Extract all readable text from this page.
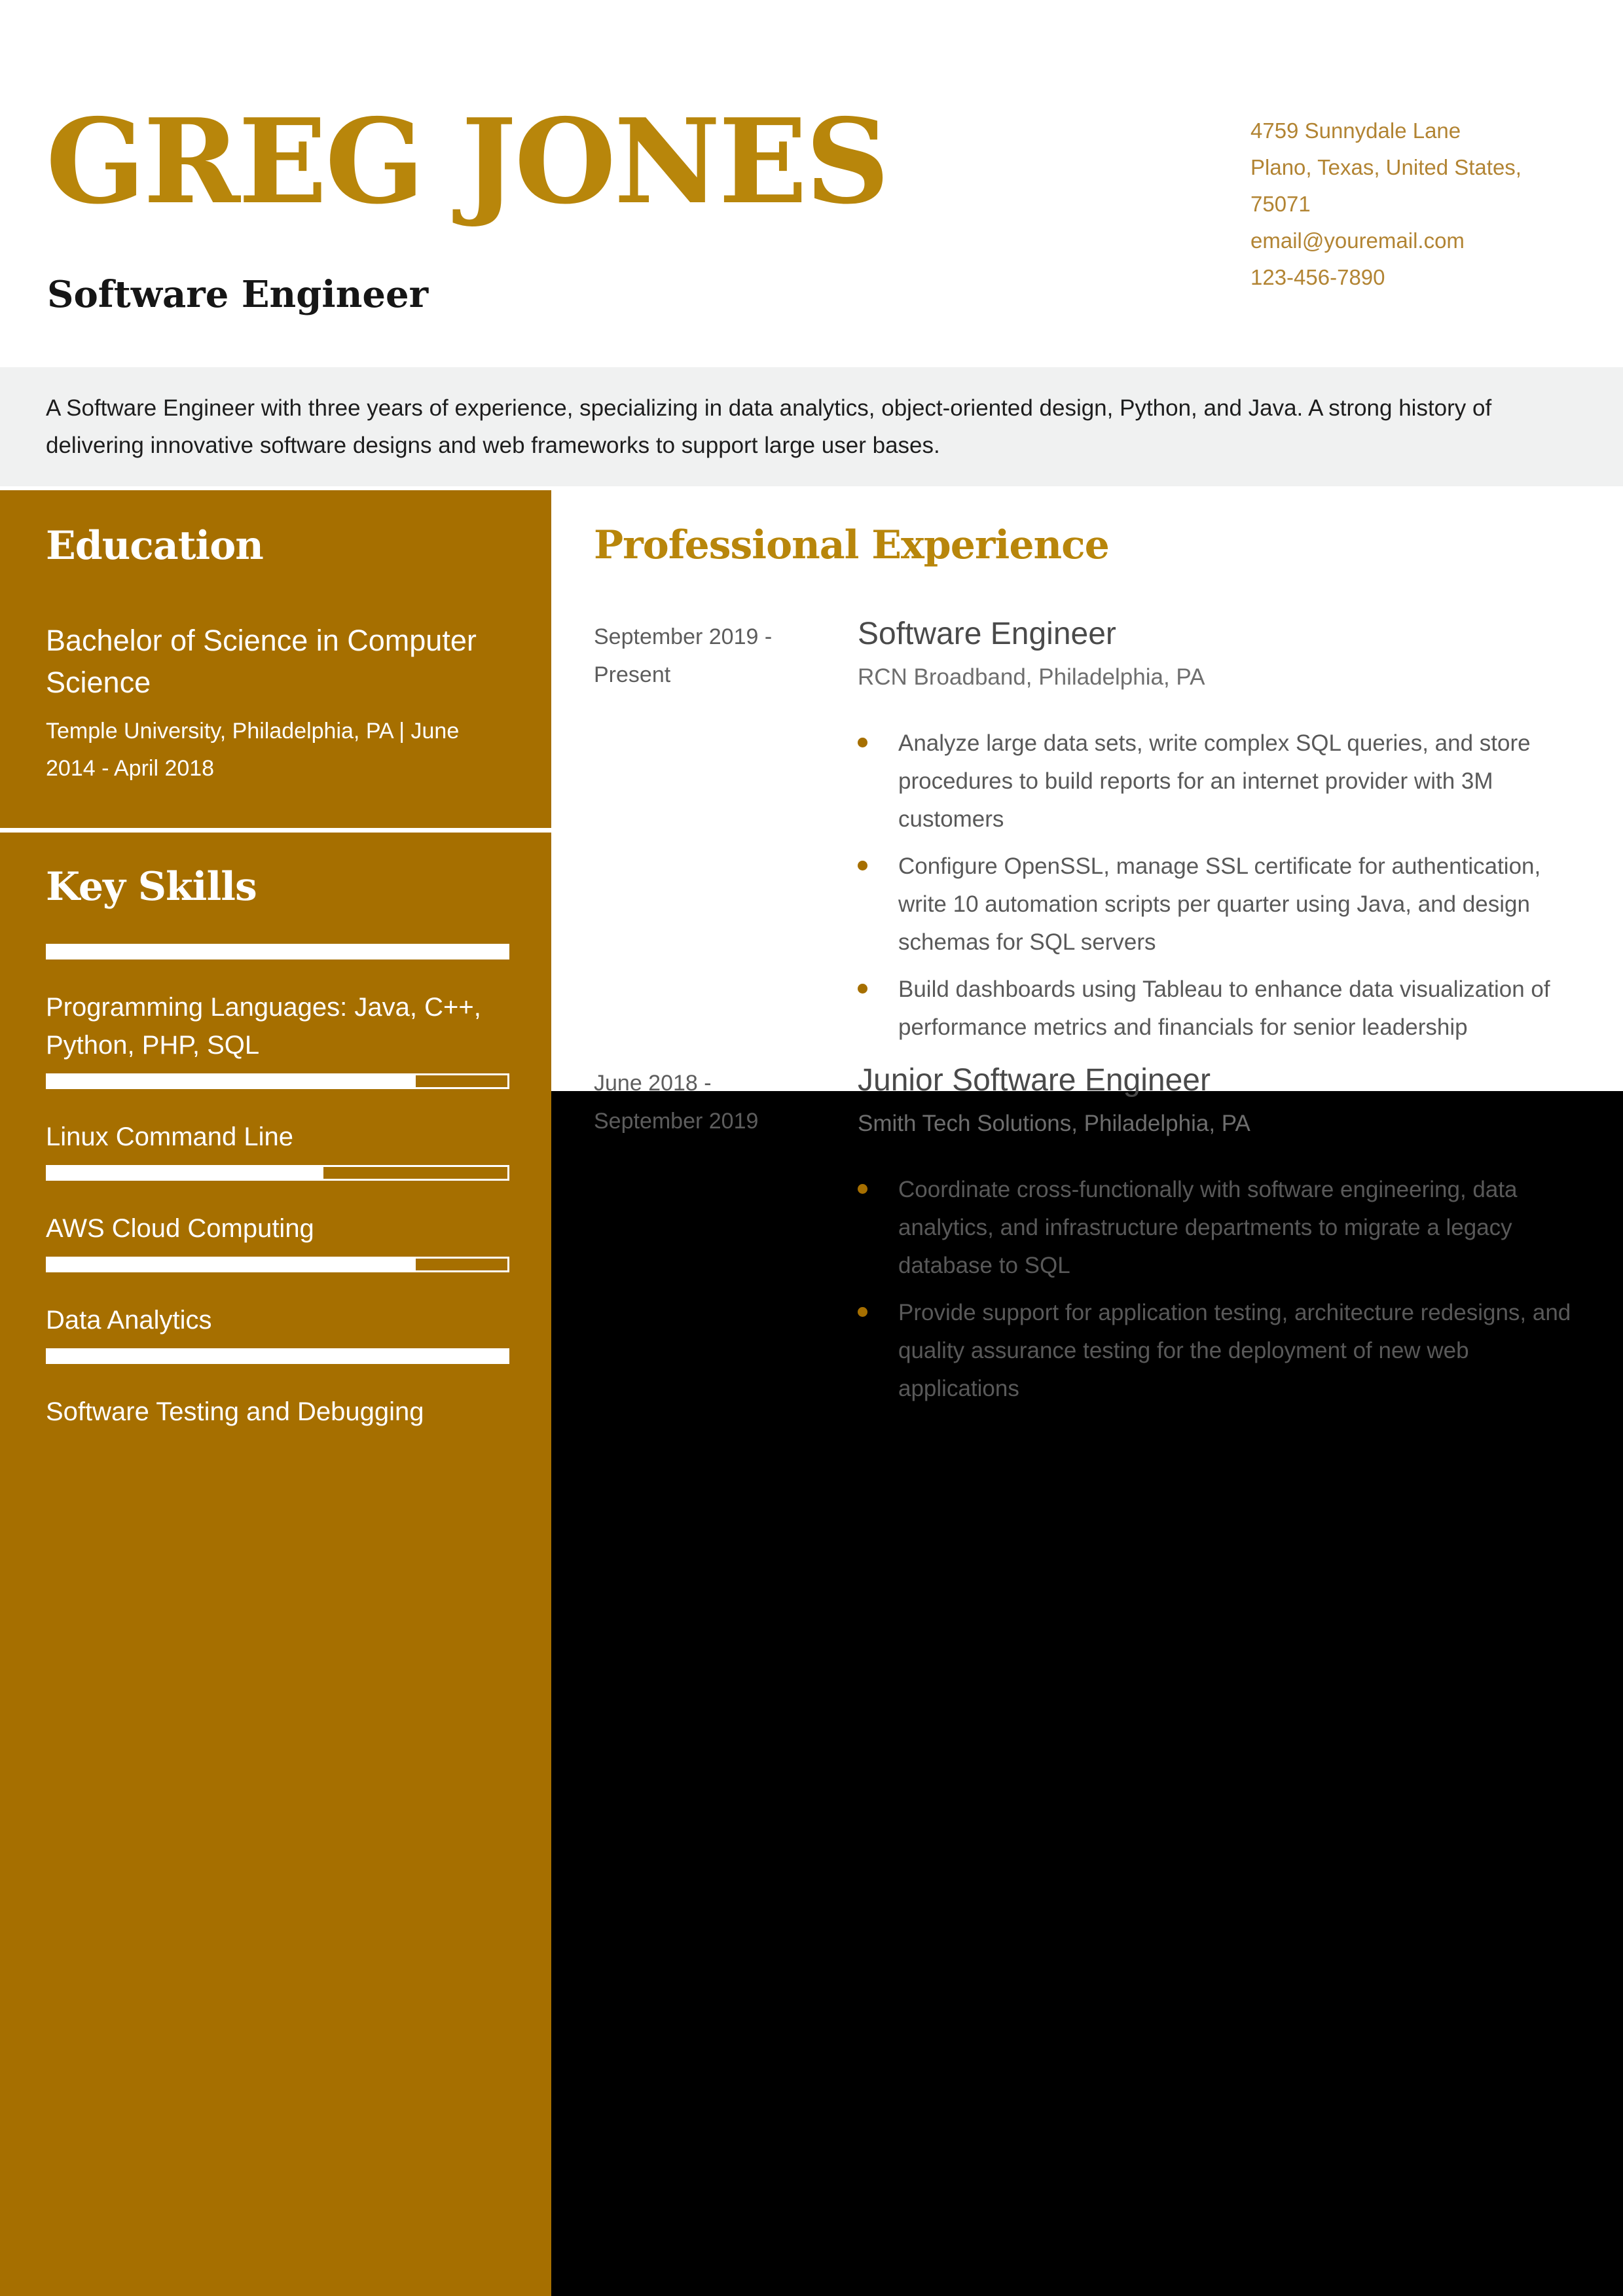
GREG JONES
Software Engineer
4759 Sunnydale Lane
Plano, Texas, United States,
75071
email@youremail.com
123-456-7890

A Software Engineer with three years of experience, specializing in data analytics, object-oriented design, Python, and Java. A strong history of delivering innovative software designs and web frameworks to support large user bases.

Education
Bachelor of Science in Computer Science
Temple University, Philadelphia, PA | June 2014 - April 2018
Key Skills
Programming Languages: Java, C++, Python, PHP, SQL
Linux Command Line
AWS Cloud Computing
Data Analytics
Software Testing and Debugging
Professional Experience
September 2019 - Present
Software Engineer
RCN Broadband, Philadelphia, PA
Analyze large data sets, write complex SQL queries, and store procedures to build reports for an internet provider with 3M customers
Configure OpenSSL, manage SSL certificate for authentication, write 10 automation scripts per quarter using Java, and design schemas for SQL servers
Build dashboards using Tableau to enhance data visualization of performance metrics and financials for senior leadership
June 2018 - September 2019
Junior Software Engineer
Smith Tech Solutions, Philadelphia, PA
Coordinate cross-functionally with software engineering, data analytics, and infrastructure departments to migrate a legacy database to SQL
Provide support for application testing, architecture redesigns, and quality assurance testing for the deployment of new web applications
